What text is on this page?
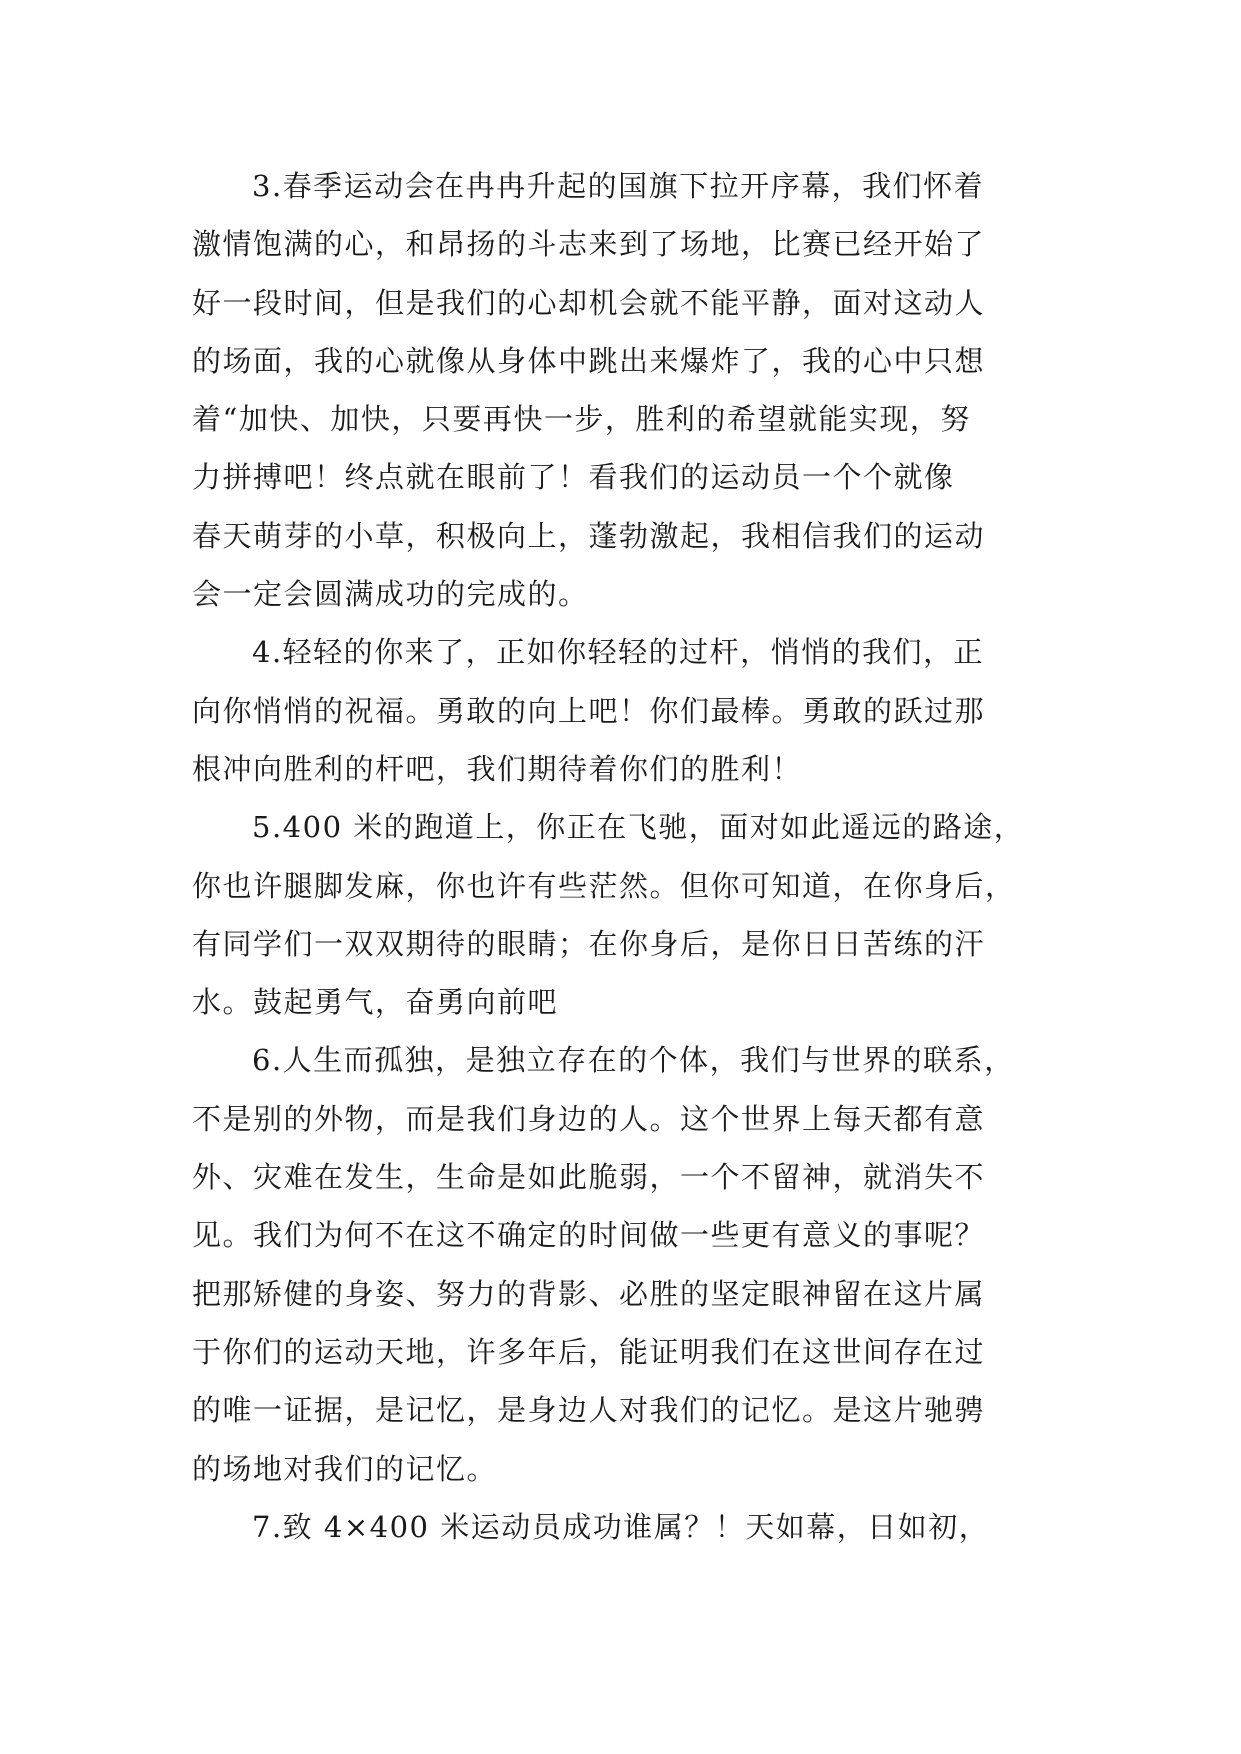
3.春季运动会在冉冉升起的国旗下拉开序幕，我们怀着
激情饱满的心，和昂扬的斗志来到了场地，比赛已经开始了
好一段时间，但是我们的心却机会就不能平静，面对这动人
的场面，我的心就像从身体中跳出来爆炸了，我的心中只想
着“加快、加快，只要再快一步，胜利的希望就能实现，努
力拼搏吧！终点就在眼前了！看我们的运动员一个个就像
春天萌芽的小草，积极向上，蓬勃激起，我相信我们的运动
会一定会圆满成功的完成的。
4.轻轻的你来了，正如你轻轻的过杆，悄悄的我们，正
向你悄悄的祝福。勇敢的向上吧！你们最棒。勇敢的跃过那
根冲向胜利的杆吧，我们期待着你们的胜利！
5.400 米的跑道上，你正在飞驰，面对如此遥远的路途，
你也许腿脚发麻，你也许有些茫然。但你可知道，在你身后，
有同学们一双双期待的眼睛；在你身后，是你日日苦练的汗
水。鼓起勇气，奋勇向前吧
6.人生而孤独，是独立存在的个体，我们与世界的联系，
不是别的外物，而是我们身边的人。这个世界上每天都有意
外、灾难在发生，生命是如此脆弱，一个不留神，就消失不
见。我们为何不在这不确定的时间做一些更有意义的事呢？
把那矫健的身姿、努力的背影、必胜的坚定眼神留在这片属
于你们的运动天地，许多年后，能证明我们在这世间存在过
的唯一证据，是记忆，是身边人对我们的记忆。是这片驰骋
的场地对我们的记忆。
7.致 4×400 米运动员成功谁属？！天如幕，日如初，
